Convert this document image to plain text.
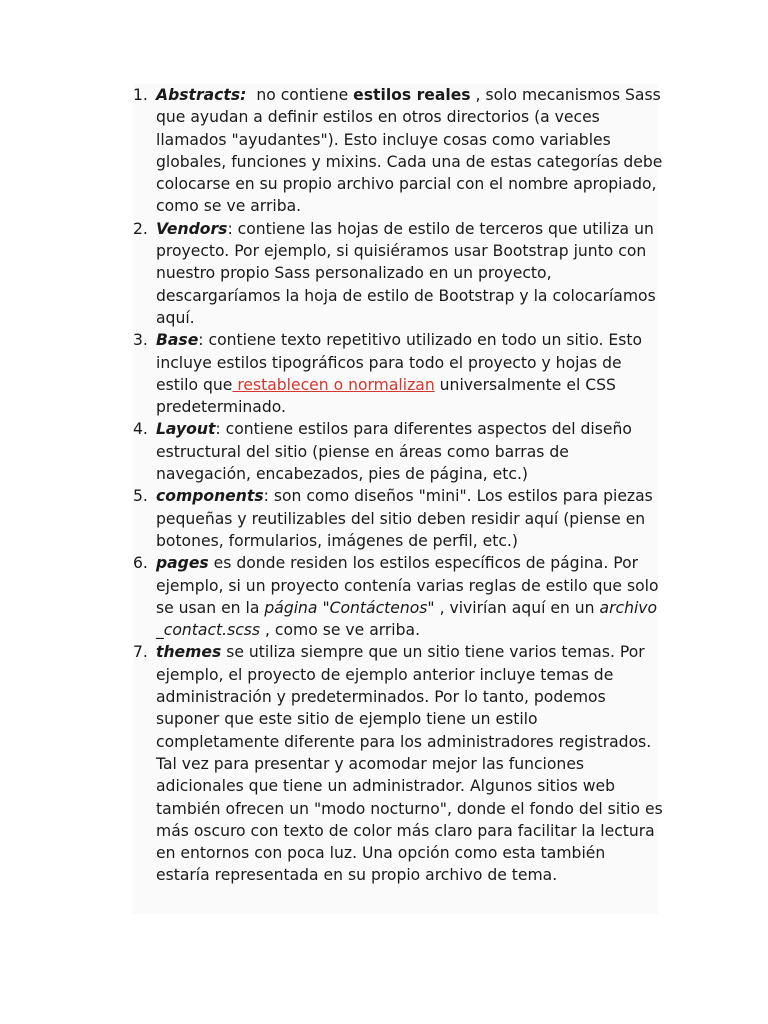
1. Abstracts:  no contiene estilos reales , solo mecanismos Sass que ayudan a definir estilos en otros directorios (a veces llamados "ayudantes"). Esto incluye cosas como variables globales, funciones y mixins. Cada una de estas categorías debe colocarse en su propio archivo parcial con el nombre apropiado, como se ve arriba.
2. Vendors: contiene las hojas de estilo de terceros que utiliza un proyecto. Por ejemplo, si quisiéramos usar Bootstrap junto con nuestro propio Sass personalizado en un proyecto, descargaríamos la hoja de estilo de Bootstrap y la colocaríamos aquí.
3. Base: contiene texto repetitivo utilizado en todo un sitio. Esto incluye estilos tipográficos para todo el proyecto y hojas de estilo que restablecen o normalizan universalmente el CSS predeterminado.
4. Layout: contiene estilos para diferentes aspectos del diseño estructural del sitio (piense en áreas como barras de navegación, encabezados, pies de página, etc.)
5. components: son como diseños "mini". Los estilos para piezas pequeñas y reutilizables del sitio deben residir aquí (piense en botones, formularios, imágenes de perfil, etc.)
6. pages es donde residen los estilos específicos de página. Por ejemplo, si un proyecto contenía varias reglas de estilo que solo se usan en la página "Contáctenos" , vivirían aquí en un archivo _contact.scss , como se ve arriba.
7. themes se utiliza siempre que un sitio tiene varios temas. Por ejemplo, el proyecto de ejemplo anterior incluye temas de administración y predeterminados. Por lo tanto, podemos suponer que este sitio de ejemplo tiene un estilo completamente diferente para los administradores registrados. Tal vez para presentar y acomodar mejor las funciones adicionales que tiene un administrador. Algunos sitios web también ofrecen un "modo nocturno", donde el fondo del sitio es más oscuro con texto de color más claro para facilitar la lectura en entornos con poca luz. Una opción como esta también estaría representada en su propio archivo de tema.
